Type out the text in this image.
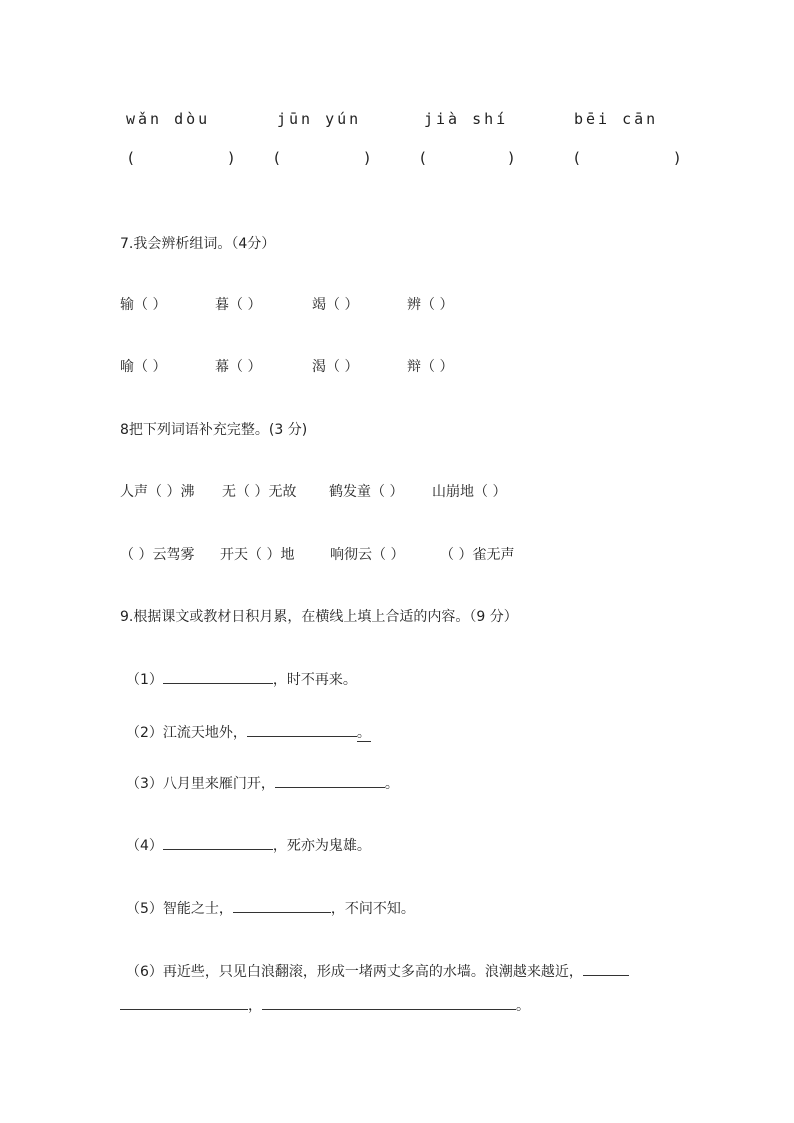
wǎn dòu	jūn yún	jià shí	bēi cān
(	)	(	)	(	)	(	)
7.我会辨析组词。（4分）
输（ ）	暮（ ）	竭（ ）	辨（ ）
喻（ ）	幕（ ）	渴（ ）	辩（ ）
8把下列词语补充完整。(3 分)
人声（ ）沸 无（ ）无故 鹤发童（ ） 山崩地（ ）
（ ）云驾雾 开天（ ）地	响彻云（ ）	（ ）雀无声
9.根据课文或教材日积月累，在横线上填上合适的内容。（9 分）
（1）	，时不再来。
（2）江流天地外，	。
（3）八月里来雁门开，	。
（4）	，死亦为鬼雄。
（5）智能之士，	，不问不知。
（6）再近些，只见白浪翻滚，形成一堵两丈多高的水墙。浪潮越来越近，
，	。
